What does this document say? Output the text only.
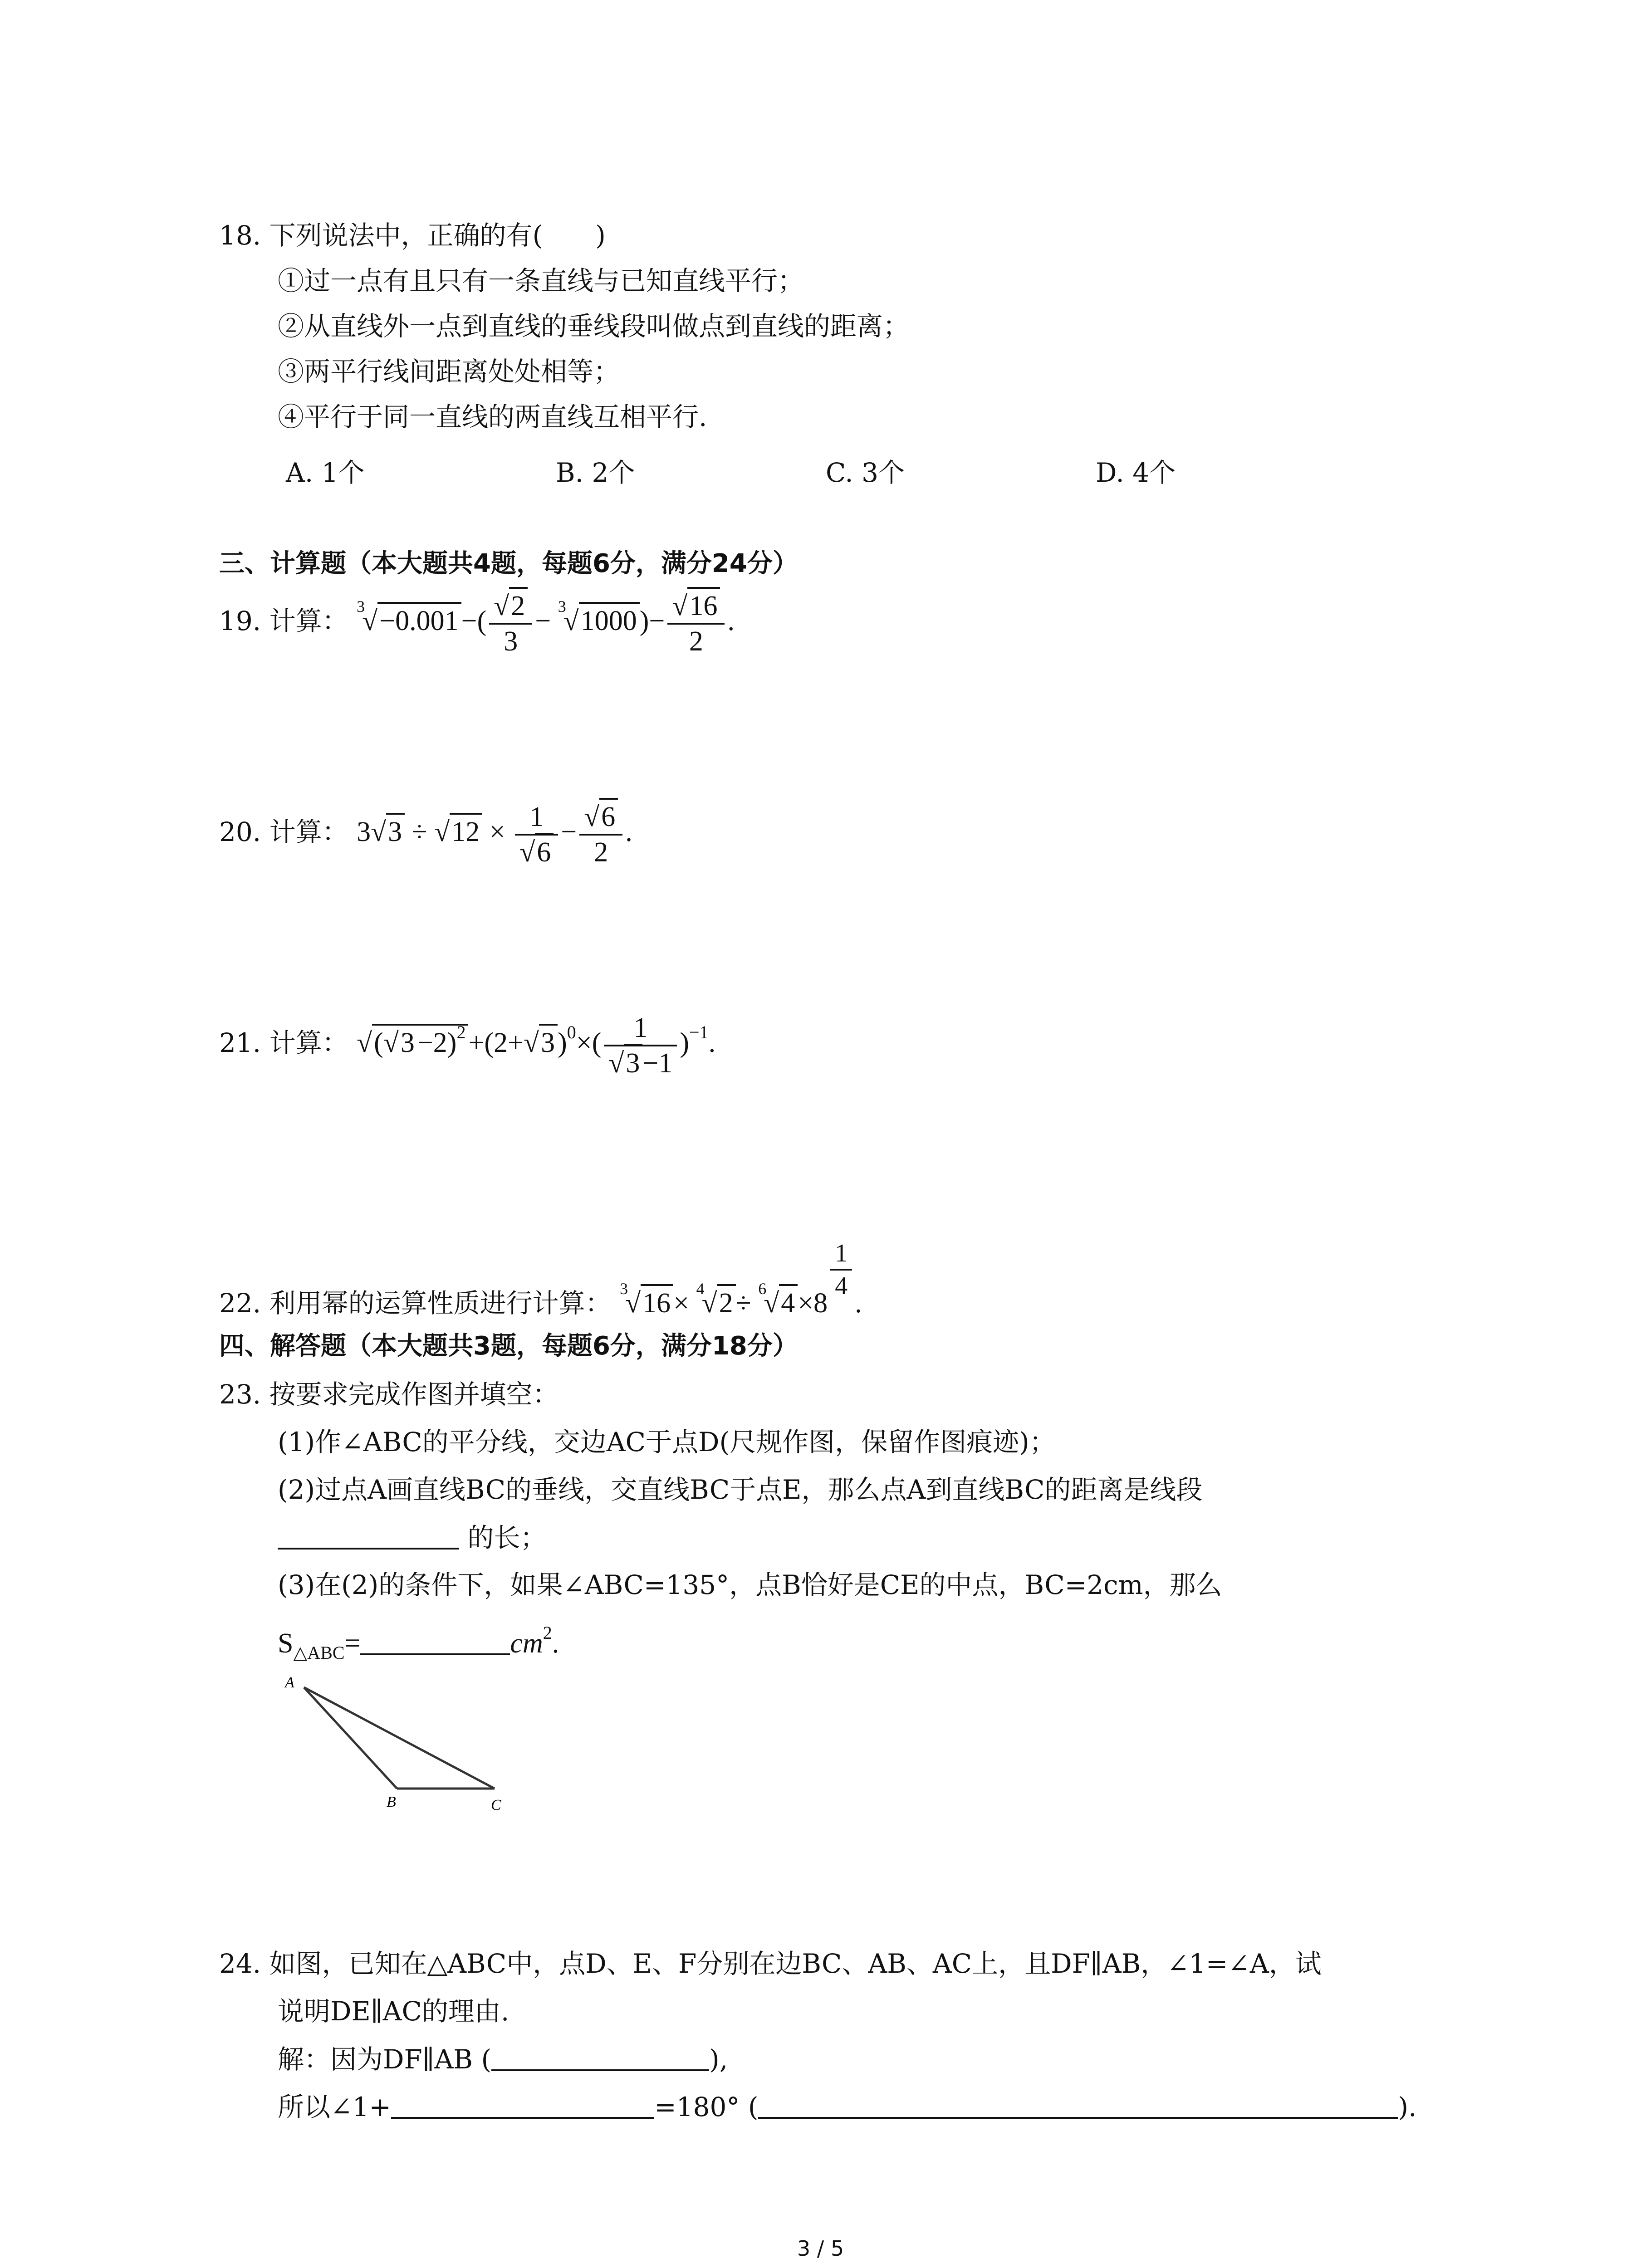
18. 下列说法中，正确的有(　　)
①过一点有且只有一条直线与已知直线平行；
②从直线外一点到直线的垂线段叫做点到直线的距离；
③两平行线间距离处处相等；
④平行于同一直线的两直线互相平行.
A. 1个	B. 2个	C. 3个	D. 4个
三、计算题（本大题共4题，每题6分，满分24分）
19. 计算： $^3√-0.001-( \frac{√2}{3} - ^3√1000)- \frac{√16}{2}$ .
20. 计算： $3√3 \div √12 \times \frac{1}{√6} - \frac{√6}{2}$ .
21. 计算： $√(√3-2)^2+(2+√3)^0\times( \frac{1}{√3-1} )^{-1}$.
22. 利用幂的运算性质进行计算： $^3$√16× $^4$√2÷ $^6$√4×8
$\frac{1}{4}$
.
四、解答题（本大题共3题，每题6分，满分18分）
23. 按要求完成作图并填空：
(1)作∠ABC的平分线，交边AC于点D(尺规作图，保留作图痕迹)；
(2)过点A画直线BC的垂线，交直线BC于点E，那么点A到直线BC的距离是线段
的长；
(3)在(2)的条件下，如果∠ABC=135°，点B恰好是CE的中点，BC=2cm，那么
$S_{\triangle ABC}=$	$cm^2$.
A
B	C
24. 如图，已知在△ABC中，点D、E、F分别在边BC、AB、AC上，且DF∥AB，∠1=∠A，试
说明DE∥AC的理由.
解：因为DF∥AB (	),
所以∠1+	=180° (	).
3 / 5
